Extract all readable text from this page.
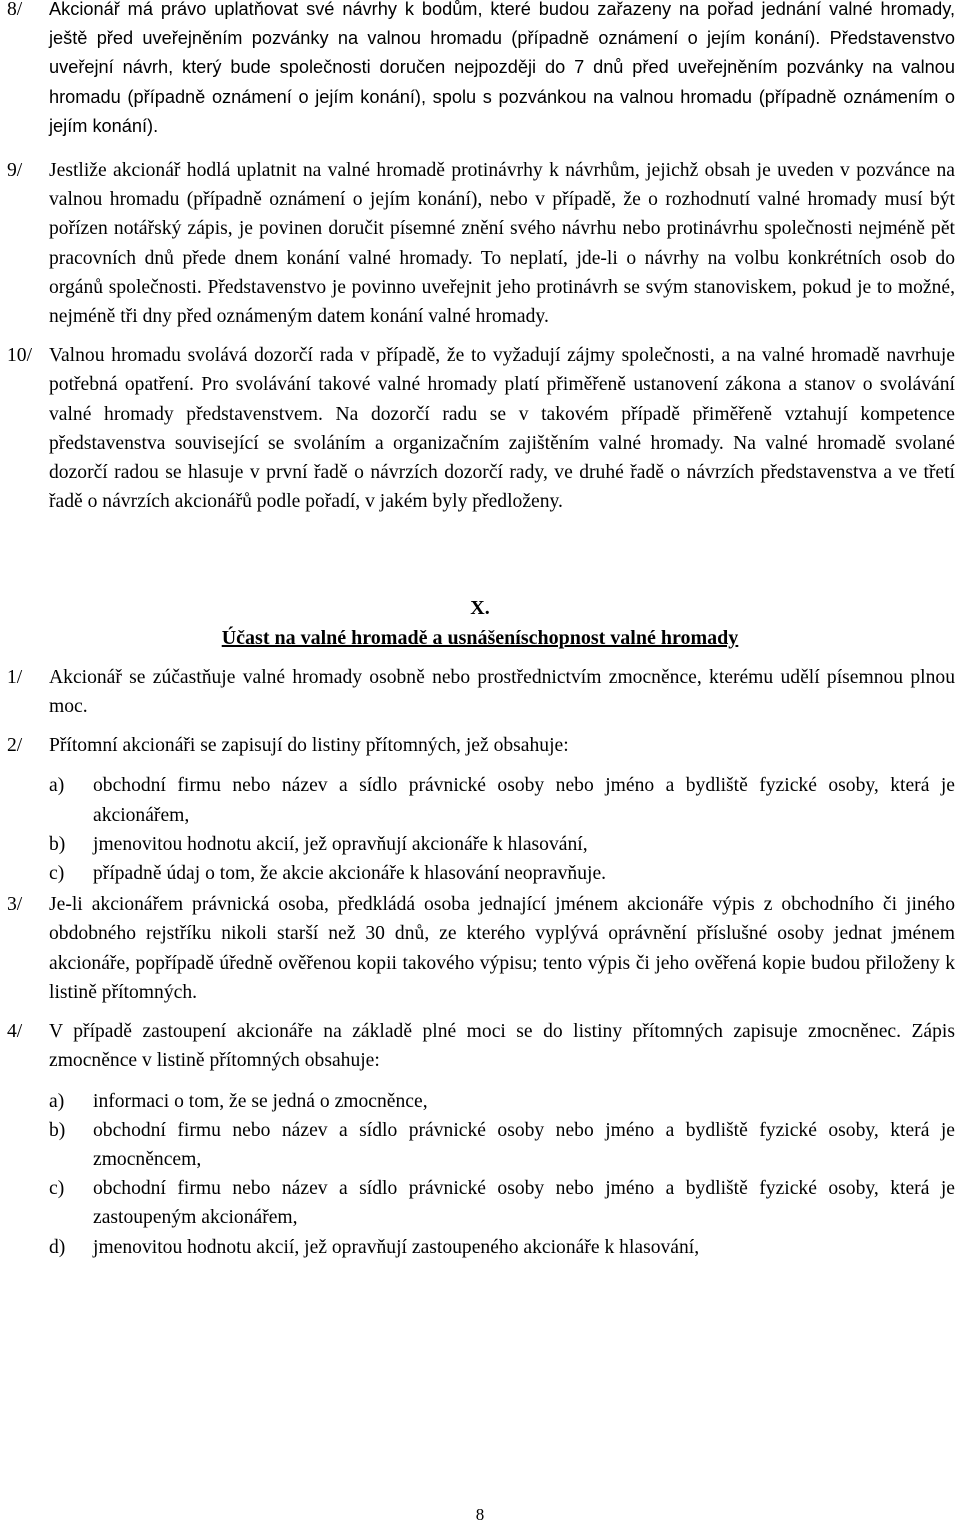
8/ Akcionář má právo uplatňovat své návrhy k bodům, které budou zařazeny na pořad jednání valné hromady, ještě před uveřejněním pozvánky na valnou hromadu (případně oznámení o jejím konání). Představenstvo uveřejní návrh, který bude společnosti doručen nejpozději do 7 dnů před uveřejněním pozvánky na valnou hromadu (případně oznámení o jejím konání), spolu s pozvánkou na valnou hromadu (případně oznámením o jejím konání).
9/ Jestliže akcionář hodlá uplatnit na valné hromadě protinávrhy k návrhům, jejichž obsah je uveden v pozvánce na valnou hromadu (případně oznámení o jejím konání), nebo v případě, že o rozhodnutí valné hromady musí být pořízen notářský zápis, je povinen doručit písemné znění svého návrhu nebo protinávrhu společnosti nejméně pět pracovních dnů přede dnem konání valné hromady. To neplatí, jde-li o návrhy na volbu konkrétních osob do orgánů společnosti. Představenstvo je povinno uveřejnit jeho protinávrh se svým stanoviskem, pokud je to možné, nejméně tři dny před oznámeným datem konání valné hromady.
10/ Valnou hromadu svolává dozorčí rada v případě, že to vyžadují zájmy společnosti, a na valné hromadě navrhuje potřebná opatření. Pro svolávání takové valné hromady platí přiměřeně ustanovení zákona a stanov o svolávání valné hromady představenstvem. Na dozorčí radu se v takovém případě přiměřeně vztahují kompetence představenstva související se svoláním a organizačním zajištěním valné hromady. Na valné hromadě svolané dozorčí radou se hlasuje v první řadě o návrzích dozorčí rady, ve druhé řadě o návrzích představenstva a ve třetí řadě o návrzích akcionářů podle pořadí, v jakém byly předloženy.
X.
Účast na valné hromadě a usnášeníschopnost valné hromady
1/ Akcionář se zúčastňuje valné hromady osobně nebo prostřednictvím zmocněnce, kterému udělí písemnou plnou moc.
2/ Přítomní akcionáři se zapisují do listiny přítomných, jež obsahuje:
a) obchodní firmu nebo název a sídlo právnické osoby nebo jméno a bydliště fyzické osoby, která je akcionářem,
b) jmenovitou hodnotu akcií, jež opravňují akcionáře k hlasování,
c) případně údaj o tom, že akcie akcionáře k hlasování neopravňuje.
3/ Je-li akcionářem právnická osoba, předkládá osoba jednající jménem akcionáře výpis z obchodního či jiného obdobného rejstříku nikoli starší než 30 dnů, ze kterého vyplývá oprávnění příslušné osoby jednat jménem akcionáře, popřípadě úředně ověřenou kopii takového výpisu; tento výpis či jeho ověřená kopie budou přiloženy k listině přítomných.
4/ V případě zastoupení akcionáře na základě plné moci se do listiny přítomných zapisuje zmocněnec. Zápis zmocněnce v listině přítomných obsahuje:
a) informaci o tom, že se jedná o zmocněnce,
b) obchodní firmu nebo název a sídlo právnické osoby nebo jméno a bydliště fyzické osoby, která je zmocněncem,
c) obchodní firmu nebo název a sídlo právnické osoby nebo jméno a bydliště fyzické osoby, která je zastoupeným akcionářem,
d) jmenovitou hodnotu akcií, jež opravňují zastoupeného akcionáře k hlasování,
8
